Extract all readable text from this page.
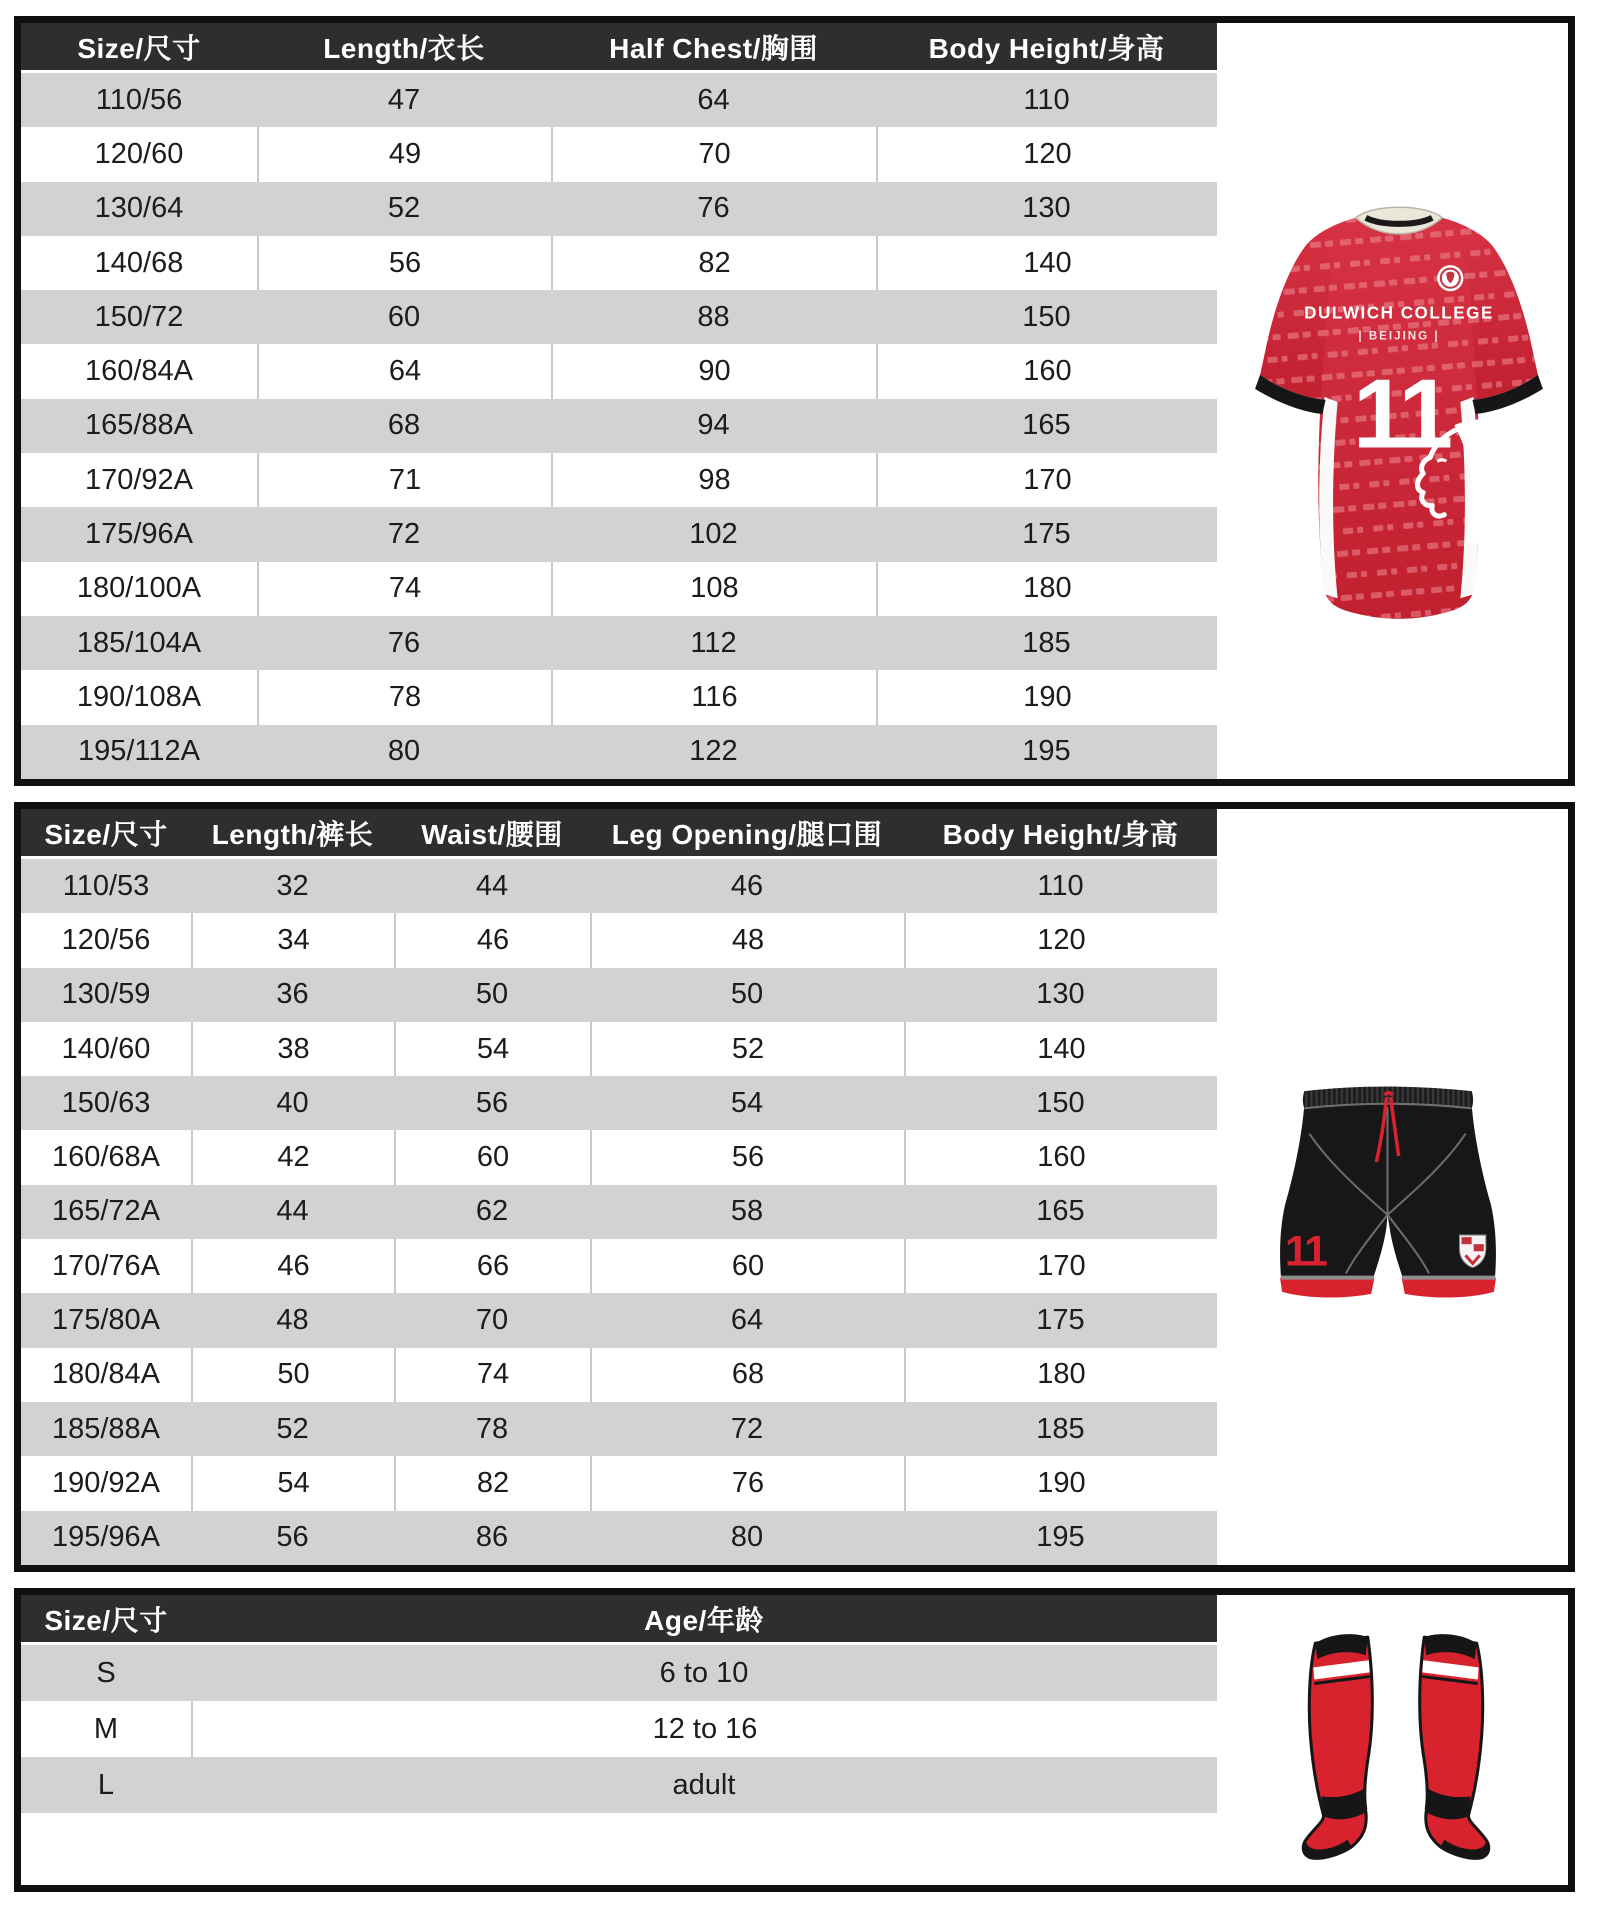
Size/尺寸	Length/衣长	Half Chest/胸围	Body Height/身高
110/56	47	64	110
120/60	49	70	120
130/64	52	76	130
140/68	56	82	140
150/72	60	88	150
160/84A	64	90	160
165/88A	68	94	165
170/92A	71	98	170
175/96A	72	102	175
180/100A	74	108	180
185/104A	76	112	185
190/108A	78	116	190
195/112A	80	122	195
DULWICH COLLEGE
| BEIJING |
11
Size/尺寸	Length/裤长	Waist/腰围	Leg Opening/腿口围	Body Height/身高
110/53	32	44	46	110
120/56	34	46	48	120
130/59	36	50	50	130
140/60	38	54	52	140
150/63	40	56	54	150
160/68A	42	60	56	160
165/72A	44	62	58	165
170/76A	46	66	60	170
175/80A	48	70	64	175
180/84A	50	74	68	180
185/88A	52	78	72	185
190/92A	54	82	76	190
195/96A	56	86	80	195
11
Size/尺寸	Age/年龄
S	6 to 10
M	12 to 16
L	adult
